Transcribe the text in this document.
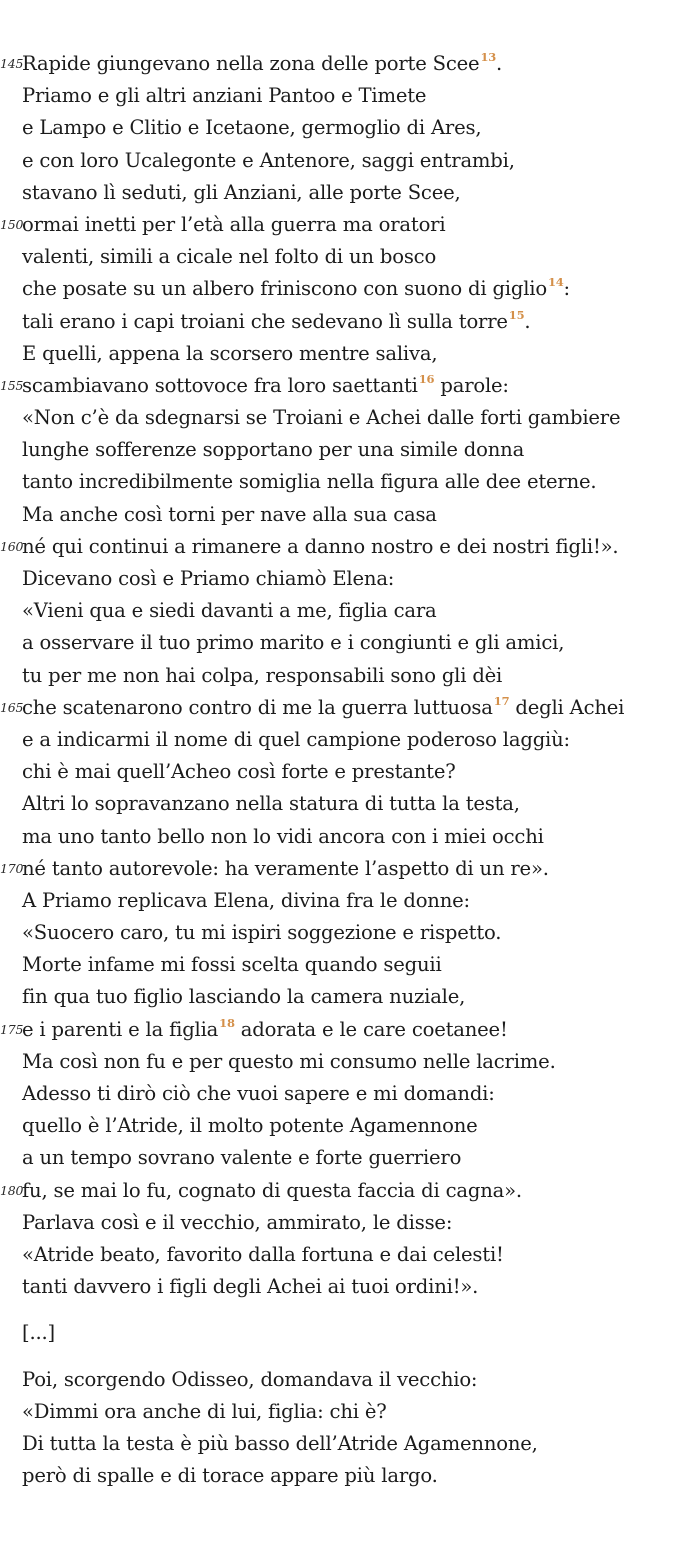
145
Rapide giungevano nella zona delle porte Scee$^{13}$.
Priamo e gli altri anziani Pantoo e Timete
e Lampo e Clitio e Icetaone, germoglio di Ares,
e con loro Ucalegonte e Antenore, saggi entrambi,
stavano lì seduti, gli Anziani, alle porte Scee,
150
ormai inetti per l’età alla guerra ma oratori
valenti, simili a cicale nel folto di un bosco
che posate su un albero friniscono con suono di giglio$^{14}$:
tali erano i capi troiani che sedevano lì sulla torre$^{15}$.
E quelli, appena la scorsero mentre saliva,
155
scambiavano sottovoce fra loro saettanti$^{16}$ parole:
«Non c’è da sdegnarsi se Troiani e Achei dalle forti gambiere
lunghe sofferenze sopportano per una simile donna
tanto incredibilmente somiglia nella figura alle dee eterne.
Ma anche così torni per nave alla sua casa
160
né qui continui a rimanere a danno nostro e dei nostri figli!».
Dicevano così e Priamo chiamò Elena:
«Vieni qua e siedi davanti a me, figlia cara
a osservare il tuo primo marito e i congiunti e gli amici,
tu per me non hai colpa, responsabili sono gli dèi
165
che scatenarono contro di me la guerra luttuosa$^{17}$ degli Achei
e a indicarmi il nome di quel campione poderoso laggiù:
chi è mai quell’Acheo così forte e prestante?
Altri lo sopravanzano nella statura di tutta la testa,
ma uno tanto bello non lo vidi ancora con i miei occhi
170
né tanto autorevole: ha veramente l’aspetto di un re».
A Priamo replicava Elena, divina fra le donne:
«Suocero caro, tu mi ispiri soggezione e rispetto.
Morte infame mi fossi scelta quando seguii
fin qua tuo figlio lasciando la camera nuziale,
175
e i parenti e la figlia$^{18}$ adorata e le care coetanee!
Ma così non fu e per questo mi consumo nelle lacrime.
Adesso ti dirò ciò che vuoi sapere e mi domandi:
quello è l’Atride, il molto potente Agamennone
a un tempo sovrano valente e forte guerriero
180
fu, se mai lo fu, cognato di questa faccia di cagna».
Parlava così e il vecchio, ammirato, le disse:
«Atride beato, favorito dalla fortuna e dai celesti!
tanti davvero i figli degli Achei ai tuoi ordini!».
[...]
Poi, scorgendo Odisseo, domandava il vecchio:
«Dimmi ora anche di lui, figlia: chi è?
Di tutta la testa è più basso dell’Atride Agamennone,
però di spalle e di torace appare più largo.
